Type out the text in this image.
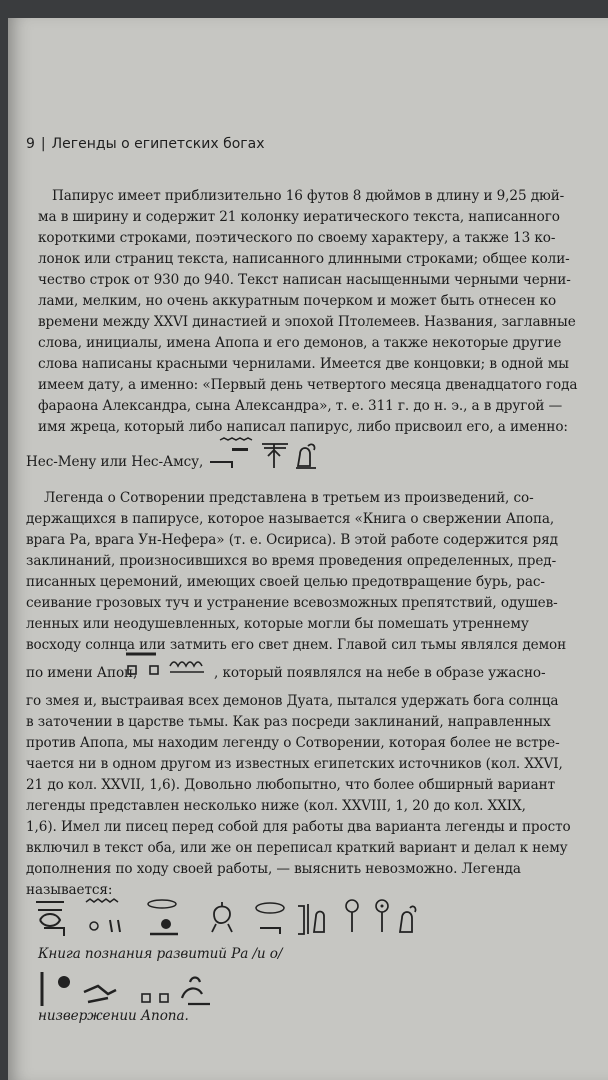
9 | Легенды о египетских богах
Папирус имеет приблизительно 16 футов 8 дюймов в длину и 9,25 дюй-
ма в ширину и содержит 21 колонку иератического текста, написанного
короткими строками, поэтического по своему характеру, а также 13 ко-
лонок или страниц текста, написанного длинными строками; общее коли-
чество строк от 930 до 940. Текст написан насыщенными черными черни-
лами, мелким, но очень аккуратным почерком и может быть отнесен ко
времени между XXVI династией и эпохой Птолемеев. Названия, заглавные
слова, инициалы, имена Апопа и его демонов, а также некоторые другие
слова написаны красными чернилами. Имеется две концовки; в одной мы
имеем дату, а именно: «Первый день четвертого месяца двенадцатого года
фараона Александра, сына Александра», т. е. 311 г. до н. э., а в другой —
имя жреца, который либо написал папирус, либо присвоил его, а именно:
Нес-Мену или Нес-Амсу,
Легенда о Сотворении представлена в третьем из произведений, со-
держащихся в папирусе, которое называется «Книга о свержении Апопа,
врага Ра, врага Ун-Нефера» (т. е. Осириса). В этой работе содержится ряд
заклинаний, произносившихся во время проведения определенных, пред-
писанных церемоний, имеющих своей целью предотвращение бурь, рас-
сеивание грозовых туч и устранение всевозможных препятствий, одушев-
ленных или неодушевленных, которые могли бы помешать утреннему
восходу солнца или затмить его свет днем. Главой сил тьмы являлся демон
по имени Апоп,	, который появлялся на небе в образе ужасно-
го змея и, выстраивая всех демонов Дуата, пытался удержать бога солнца
в заточении в царстве тьмы. Как раз посреди заклинаний, направленных
против Апопа, мы находим легенду о Сотворении, которая более не встре-
чается ни в одном другом из известных египетских источников (кол. XXVI,
21 до кол. XXVII, 1,6). Довольно любопытно, что более обширный вариант
легенды представлен несколько ниже (кол. XXVIII, 1, 20 до кол. XXIX,
1,6). Имел ли писец перед собой для работы два варианта легенды и просто
включил в текст оба, или же он переписал краткий вариант и делал к нему
дополнения по ходу своей работы, — выяснить невозможно. Легенда
называется:
Книга познания развитий Ра /и о/
низвержении Апопа.
